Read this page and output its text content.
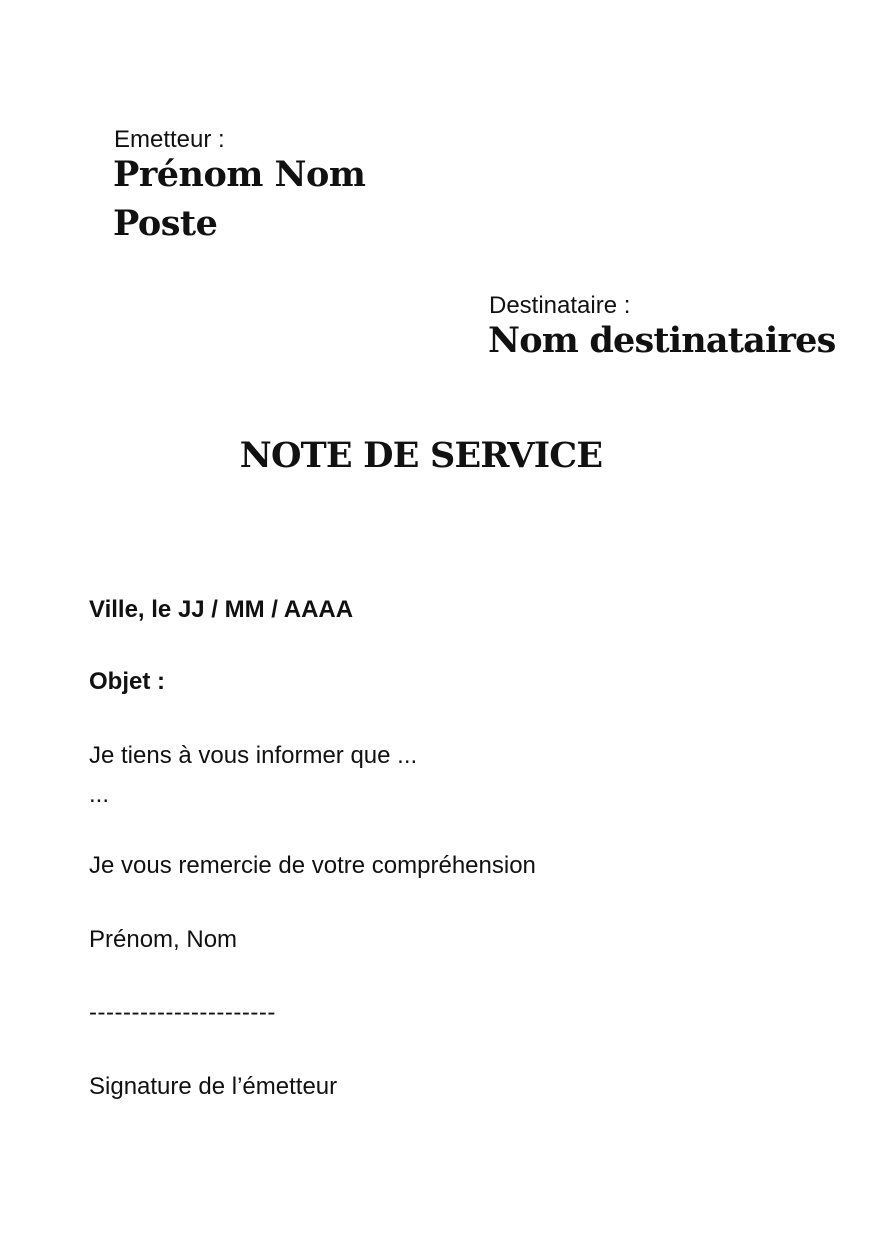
Emetteur :

Prénom Nom

Poste

Destinataire :

Nom destinataires

NOTE DE SERVICE

Ville, le JJ / MM / AAAA

Objet :

Je tiens à vous informer que ...

...

Je vous remercie de votre compréhension

Prénom, Nom

----------------------

Signature de l’émetteur
